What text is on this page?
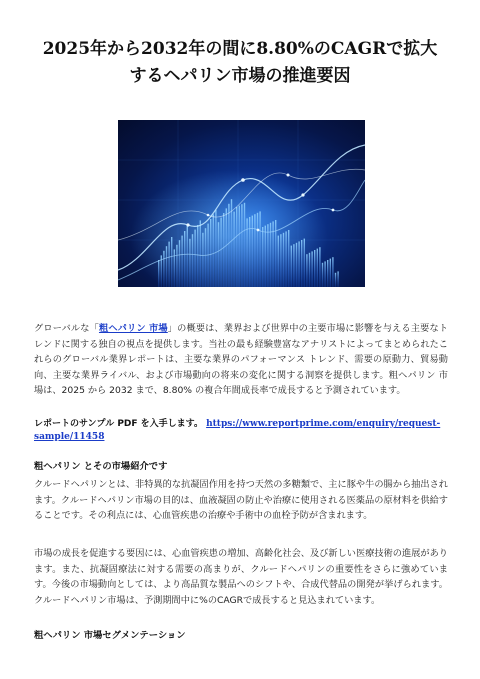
2025年から2032年の間に8.80%のCAGRで拡大
するヘパリン市場の推進要因
グローバルな「粗ヘパリン 市場」の概要は、業界および世界中の主要市場に影響を与える主要なトレンドに関する独自の視点を提供します。当社の最も経験豊富なアナリストによってまとめられたこれらのグローバル業界レポートは、主要な業界のパフォーマンス トレンド、需要の原動力、貿易動向、主要な業界ライバル、および市場動向の将来の変化に関する洞察を提供します。粗ヘパリン 市場は、2025 から 2032 まで、8.80% の複合年間成長率で成長すると予測されています。
レポートのサンプル PDF を入手します。 https://www.reportprime.com/enquiry/request-sample/11458
粗ヘパリン とその市場紹介です
クルードヘパリンとは、非特異的な抗凝固作用を持つ天然の多糖類で、主に豚や牛の腸から抽出されます。クルードヘパリン市場の目的は、血液凝固の防止や治療に使用される医薬品の原材料を供給することです。その利点には、心血管疾患の治療や手術中の血栓予防が含まれます。
市場の成長を促進する要因には、心血管疾患の増加、高齢化社会、及び新しい医療技術の進展があります。また、抗凝固療法に対する需要の高まりが、クルードヘパリンの重要性をさらに強めています。今後の市場動向としては、より高品質な製品へのシフトや、合成代替品の開発が挙げられます。クルードヘパリン市場は、予測期間中に%のCAGRで成長すると見込まれています。
粗ヘパリン 市場セグメンテーション
